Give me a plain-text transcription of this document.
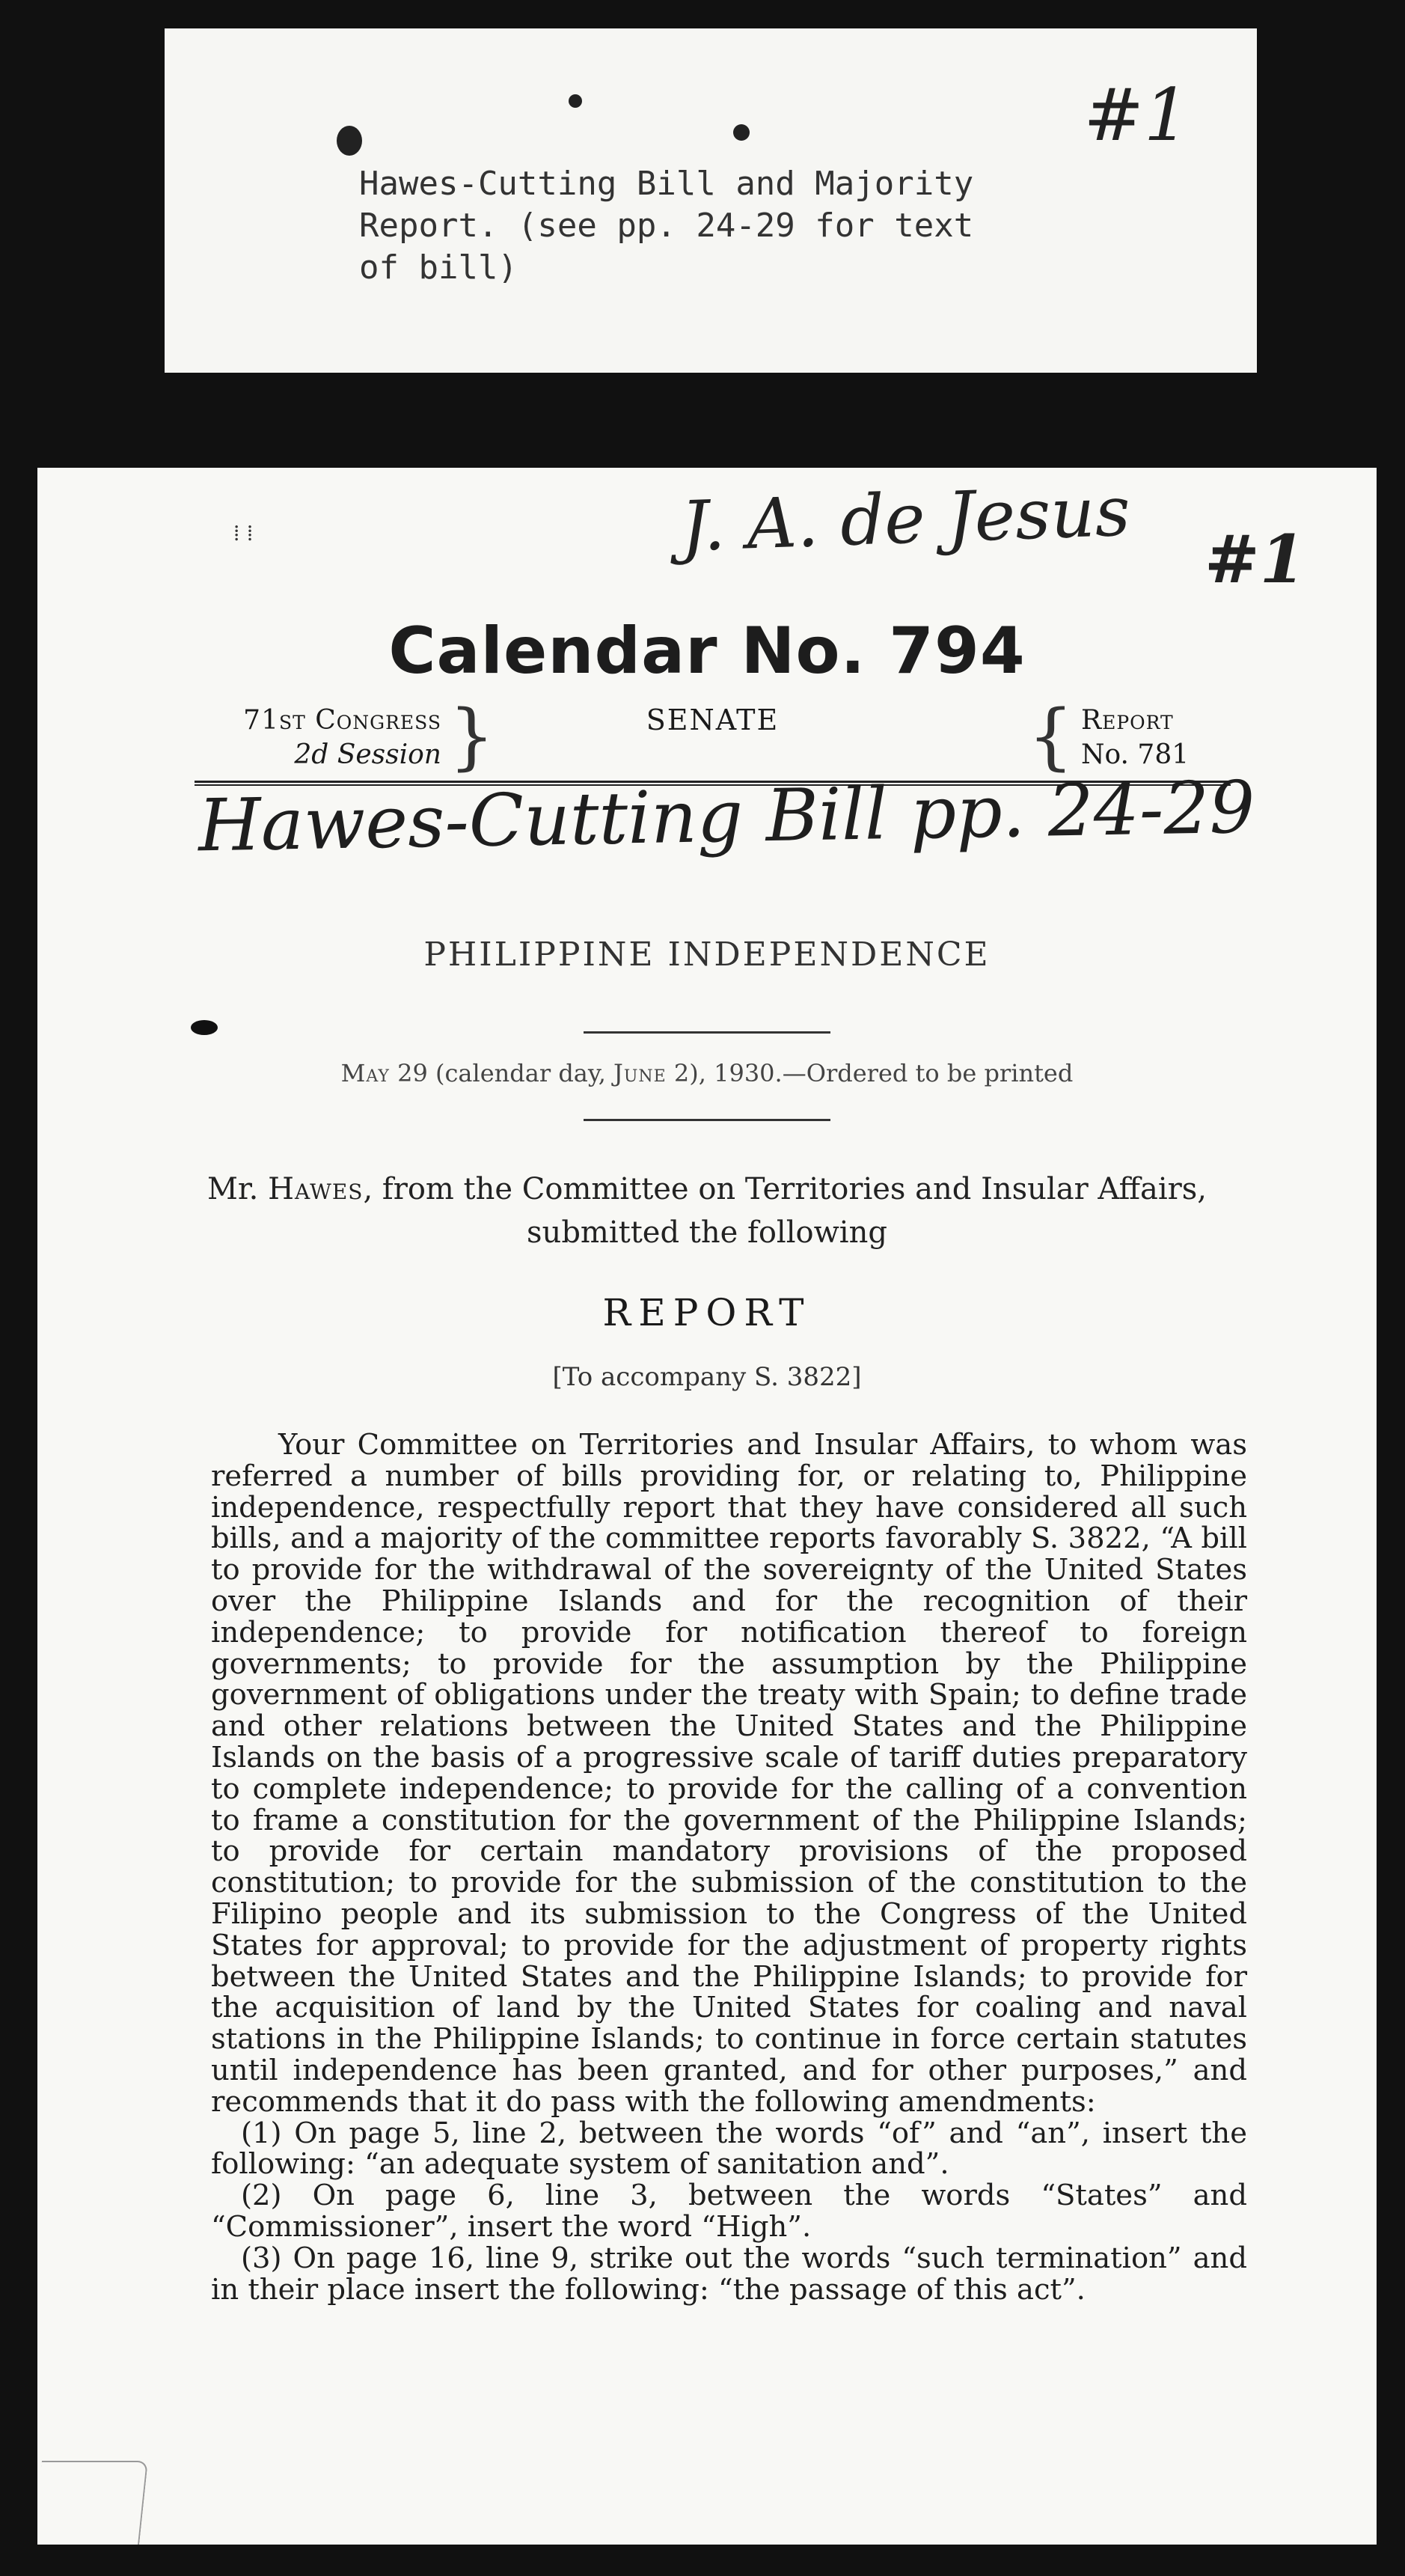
#1

Hawes-Cutting Bill and Majority
Report. (see pp. 24-29 for text
of bill)

J. A. de Jesus #1
⁞ ⁞
Calendar No. 794
71st Congress
2d Session }	SENATE	{ Report
No. 781
Hawes-Cutting Bill pp. 24-29
PHILIPPINE INDEPENDENCE
May 29 (calendar day, June 2), 1930.—Ordered to be printed
Mr. Hawes, from the Committee on Territories and Insular Affairs,
submitted the following
REPORT
[To accompany S. 3822]

Your Committee on Territories and Insular Affairs, to whom was referred a number of bills providing for, or relating to, Philippine independence, respectfully report that they have considered all such bills, and a majority of the committee reports favorably S. 3822, “A bill to provide for the withdrawal of the sovereignty of the United States over the Philippine Islands and for the recognition of their independence; to provide for notification thereof to foreign governments; to provide for the assumption by the Philippine government of obligations under the treaty with Spain; to define trade and other relations between the United States and the Philippine Islands on the basis of a progressive scale of tariff duties preparatory to complete independence; to provide for the calling of a convention to frame a constitution for the government of the Philippine Islands; to provide for certain mandatory provisions of the proposed constitution; to provide for the submission of the constitution to the Filipino people and its submission to the Congress of the United States for approval; to provide for the adjustment of property rights between the United States and the Philippine Islands; to provide for the acquisition of land by the United States for coaling and naval stations in the Philippine Islands; to continue in force certain statutes until independence has been granted, and for other purposes,” and recommends that it do pass with the following amendments:

(1) On page 5, line 2, between the words “of” and “an”, insert the following: “an adequate system of sanitation and”.

(2) On page 6, line 3, between the words “States” and “Commissioner”, insert the word “High”.

(3) On page 16, line 9, strike out the words “such termination” and in their place insert the following: “the passage of this act”.
